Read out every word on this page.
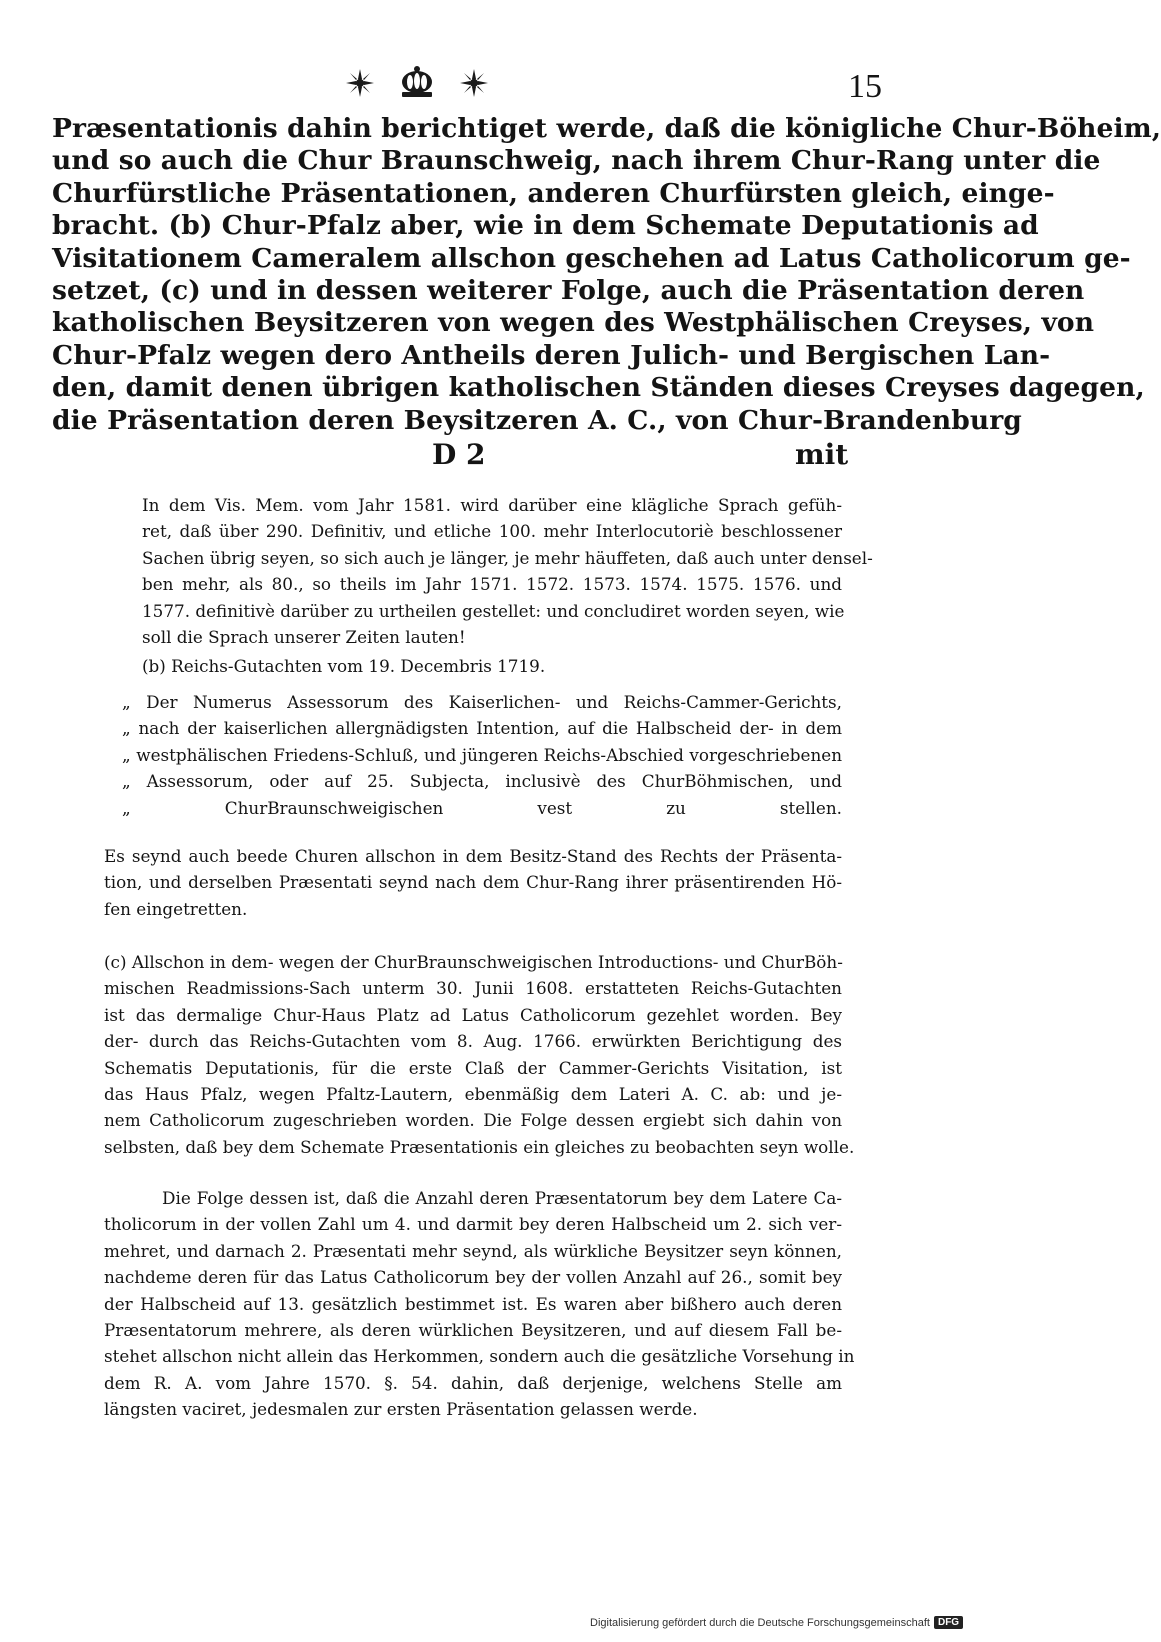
15
Præsentationis dahin berichtiget werde, daß die königliche Chur-Böheim,
und so auch die Chur Braunschweig, nach ihrem Chur-Rang unter die
Churfürstliche Präsentationen, anderen Churfürsten gleich, einge-
bracht. (b) Chur-Pfalz aber, wie in dem Schemate Deputationis ad
Visitationem Cameralem allschon geschehen ad Latus Catholicorum ge-
setzet, (c) und in dessen weiterer Folge, auch die Präsentation deren
katholischen Beysitzeren von wegen des Westphälischen Creyses, von
Chur-Pfalz wegen dero Antheils deren Julich- und Bergischen Lan-
den, damit denen übrigen katholischen Ständen dieses Creyses dagegen,
die Präsentation deren Beysitzeren A. C., von Chur-Brandenburg
D 2	mit
In dem Vis. Mem. vom Jahr 1581. wird darüber eine klägliche Sprach gefüh-
ret, daß über 290. Definitiv, und etliche 100. mehr Interlocutoriè beschlossener
Sachen übrig seyen, so sich auch je länger, je mehr häuffeten, daß auch unter densel-
ben mehr, als 80., so theils im Jahr 1571. 1572. 1573. 1574. 1575. 1576. und
1577. definitivè darüber zu urtheilen gestellet: und concludiret worden seyen, wie
soll die Sprach unserer Zeiten lauten!
(b) Reichs-Gutachten vom 19. Decembris 1719.
„ Der Numerus Assessorum des Kaiserlichen- und Reichs-Cammer-Gerichts,
„ nach der kaiserlichen allergnädigsten Intention, auf die Halbscheid der- in dem
„ westphälischen Friedens-Schluß, und jüngeren Reichs-Abschied vorgeschriebenen
„ Assessorum, oder auf 25. Subjecta, inclusivè des ChurBöhmischen, und
„ ChurBraunschweigischen vest zu stellen.
Es seynd auch beede Churen allschon in dem Besitz-Stand des Rechts der Präsenta-
tion, und derselben Præsentati seynd nach dem Chur-Rang ihrer präsentirenden Hö-
fen eingetretten.
(c) Allschon in dem- wegen der ChurBraunschweigischen Introductions- und ChurBöh-
mischen Readmissions-Sach unterm 30. Junii 1608. erstatteten Reichs-Gutachten
ist das dermalige Chur-Haus Platz ad Latus Catholicorum gezehlet worden. Bey
der- durch das Reichs-Gutachten vom 8. Aug. 1766. erwürkten Berichtigung des
Schematis Deputationis, für die erste Claß der Cammer-Gerichts Visitation, ist
das Haus Pfalz, wegen Pfaltz-Lautern, ebenmäßig dem Lateri A. C. ab: und je-
nem Catholicorum zugeschrieben worden. Die Folge dessen ergiebt sich dahin von
selbsten, daß bey dem Schemate Præsentationis ein gleiches zu beobachten seyn wolle.
Die Folge dessen ist, daß die Anzahl deren Præsentatorum bey dem Latere Ca-
tholicorum in der vollen Zahl um 4. und darmit bey deren Halbscheid um 2. sich ver-
mehret, und darnach 2. Præsentati mehr seynd, als würkliche Beysitzer seyn können,
nachdeme deren für das Latus Catholicorum bey der vollen Anzahl auf 26., somit bey
der Halbscheid auf 13. gesätzlich bestimmet ist. Es waren aber bißhero auch deren
Præsentatorum mehrere, als deren würklichen Beysitzeren, und auf diesem Fall be-
stehet allschon nicht allein das Herkommen, sondern auch die gesätzliche Vorsehung in
dem R. A. vom Jahre 1570. §. 54. dahin, daß derjenige, welchens Stelle am
längsten vaciret, jedesmalen zur ersten Präsentation gelassen werde.
Digitalisierung gefördert durch die Deutsche Forschungsgemeinschaft DFG
